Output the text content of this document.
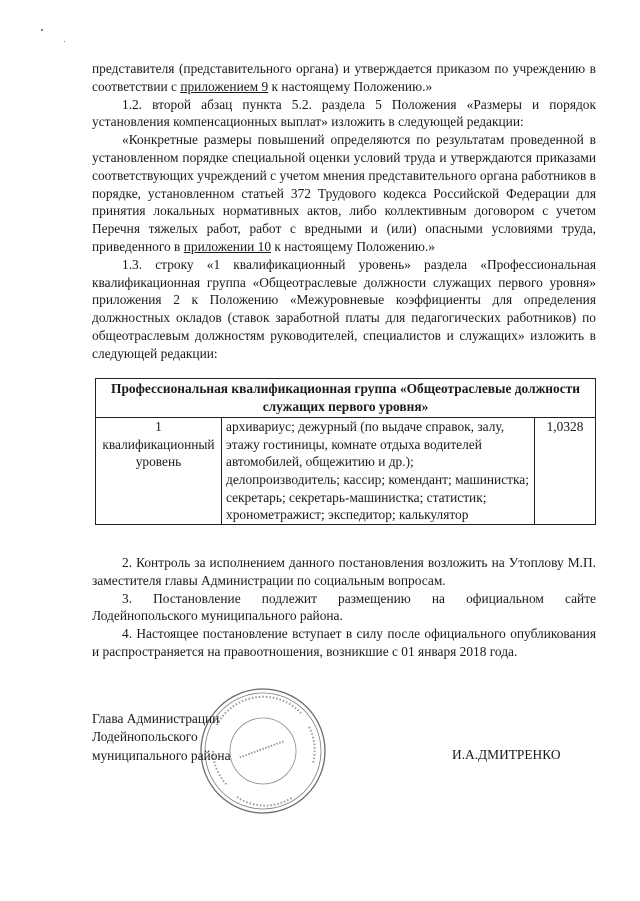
представителя (представительного органа) и утверждается приказом по учреждению в соответствии с приложением 9 к настоящему Положению.»

1.2. второй абзац пункта 5.2. раздела 5 Положения «Размеры и порядок установления компенсационных выплат» изложить в следующей редакции:

«Конкретные размеры повышений определяются по результатам проведенной в установленном порядке специальной оценки условий труда и утверждаются приказами соответствующих учреждений с учетом мнения представительного органа работников в порядке, установленном статьей 372 Трудового кодекса Российской Федерации для принятия локальных нормативных актов, либо коллективным договором с учетом Перечня тяжелых работ, работ с вредными и (или) опасными условиями труда, приведенного в приложении 10 к настоящему Положению.»

1.3. строку «1 квалификационный уровень» раздела «Профессиональная квалификационная группа «Общеотраслевые должности служащих первого уровня» приложения 2 к Положению «Межуровневые коэффициенты для определения должностных окладов (ставок заработной платы для педагогических работников) по общеотраслевым должностям руководителей, специалистов и служащих» изложить в следующей редакции:

Профессиональная квалификационная группа «Общеотраслевые должности служащих первого уровня»
1 квалификационный уровень	архивариус; дежурный (по выдаче справок, залу, этажу гостиницы, комнате отдыха водителей автомобилей, общежитию и др.); делопроизводитель; кассир; комендант; машинистка; секретарь; секретарь-машинистка; статистик; хронометражист; экспедитор; калькулятор	1,0328

2. Контроль за исполнением данного постановления возложить на Утоплову М.П. заместителя главы Администрации по социальным вопросам.

3. Постановление подлежит размещению на официальном сайте Лодейнопольского муниципального района.

4. Настоящее постановление вступает в силу после официального опубликования и распространяется на правоотношения, возникшие с 01 января 2018 года.

Глава Администрации
Лодейнопольского
муниципального района	И.А.ДМИТРЕНКО
